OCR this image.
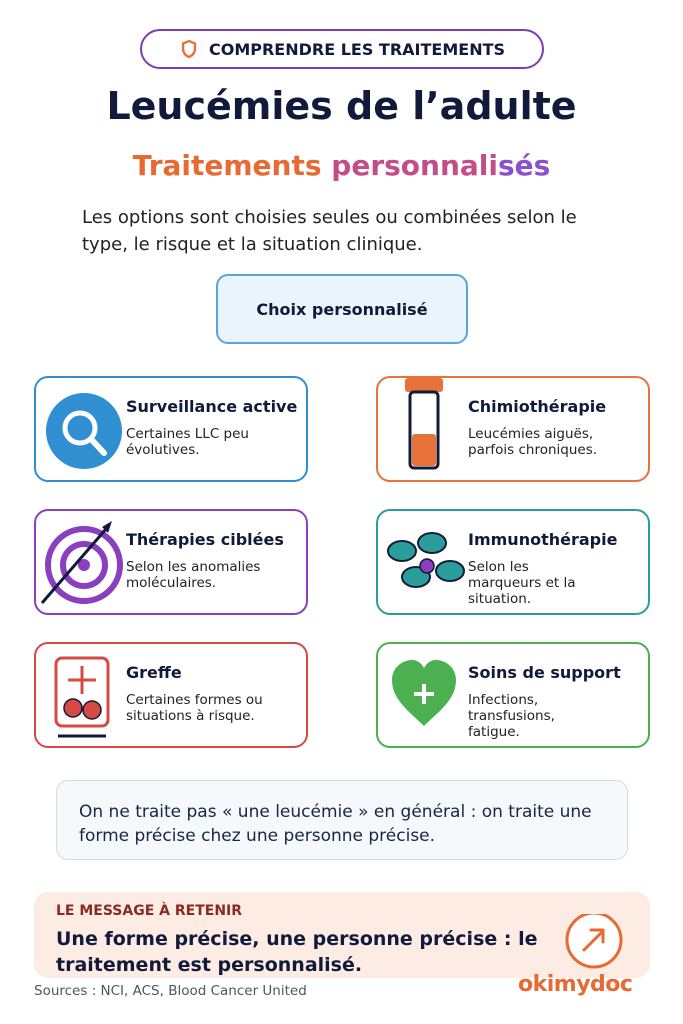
COMPRENDRE LES TRAITEMENTS
Leucémies de l’adulte
Traitements personnalisés
Les options sont choisies seules ou combinées selon le type, le risque et la situation clinique.
Choix personnalisé
Surveillance active
Certaines LLC peu évolutives.
Chimiothérapie
Leucémies aiguës, parfois chroniques.
Thérapies ciblées
Selon les anomalies moléculaires.
Immunothérapie
Selon les marqueurs et la situation.
Greffe
Certaines formes ou situations à risque.
Soins de support
Infections, transfusions, fatigue.
On ne traite pas « une leucémie » en général : on traite une forme précise chez une personne précise.
LE MESSAGE À RETENIR
Une forme précise, une personne précise : le traitement est personnalisé.
Sources : NCI, ACS, Blood Cancer United	okimydoc
